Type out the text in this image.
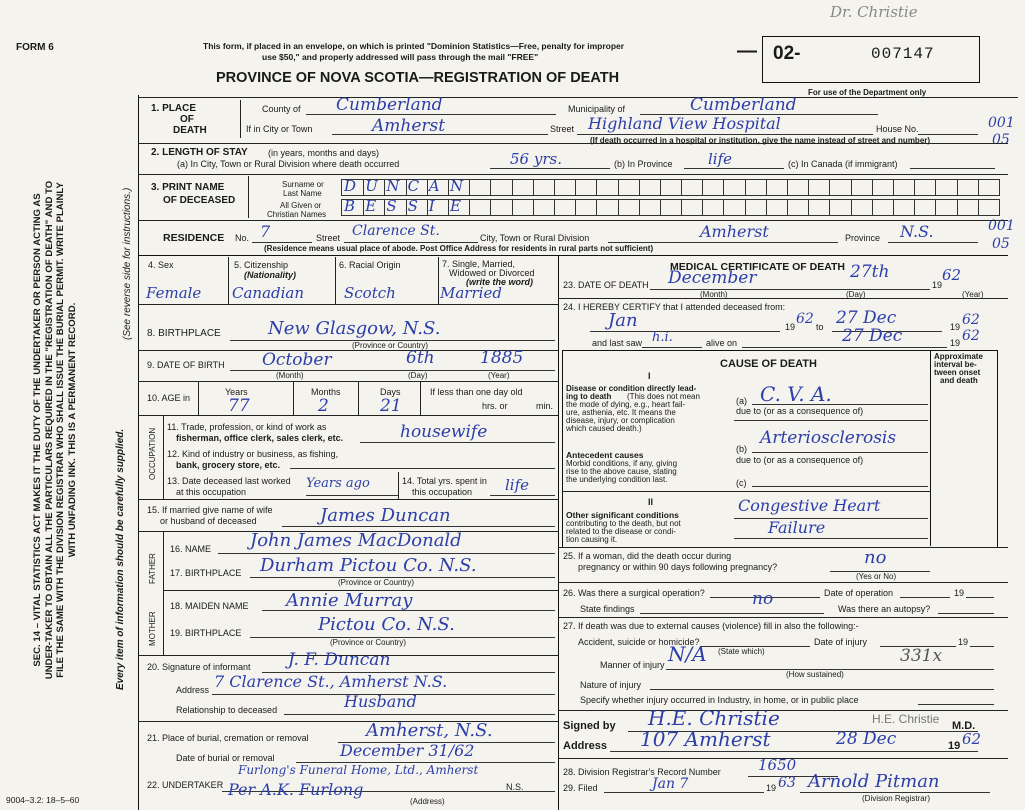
FORM 6	This form, if placed in an envelope, on which is printed "Dominion Statistics—Free, penalty for improper
use $50," and properly addressed will pass through the mail "FREE"
PROVINCE OF NOVA SCOTIA—REGISTRATION OF DEATH
— 02-	007147
Dr. Christie
For use of the Department only
001
05
001
05
SEC. 14 – VITAL STATISTICS ACT MAKES IT THE DUTY OF THE UNDERTAKER OR PERSON ACTING AS UNDER-TAKER TO OBTAIN ALL THE PARTICULARS REQUIRED IN THE "REGISTRATION OF DEATH" AND TO FILE THE SAME WITH THE DIVISION REGISTRAR WHO SHALL ISSUE THE BURIAL PERMIT. WRITE PLAINLY WITH UNFADING INK. THIS IS A PERMANENT RECORD.
(See reverse side for instructions.)
Every item of information should be carefully supplied.
9004–3.2: 18–5–60
1. PLACE
OF
DEATH
County of Cumberland	Municipality of	Cumberland
If in City or Town	Amherst	Street Highland View Hospital	House No.
(If death occurred in a hospital or institution, give the name instead of street and number)
2. LENGTH OF STAY (in years, months and days)
(a) In City, Town or Rural Division where death occurred	56 yrs.	(b) In Province life	(c) In Canada (if immigrant)
3. PRINT NAME
OF DECEASED
Surname or
Last Name
All Given or
Christian Names
D U N C A N
B E S S I E
RESIDENCE No. 7	Street Clarence St.	City, Town or Rural Division	Amherst	Province N.S.
(Residence means usual place of abode. Post Office Address for residents in rural parts not sufficient)
4. Sex
Female
5. Citizenship
(Nationality)
Canadian
6. Racial Origin
Scotch
7. Single, Married,
Widowed or Divorced
(write the word)
Married
8. BIRTHPLACE	New Glasgow, N.S.
(Province or Country)
9. DATE OF BIRTH October	6th	1885
(Month)	(Day)	(Year)
10. AGE in
Years	Months	Days
77	2	21
If less than one day old
hrs. or	min.
OCCUPATION
11. Trade, profession, or kind of work as
fisherman, office clerk, sales clerk, etc.	housewife
12. Kind of industry or business, as fishing,
bank, grocery store, etc.
13. Date deceased last worked
at this occupation
Years ago	14. Total yrs. spent in
this occupation life
15. If married give name of wife
or husband of deceased	James Duncan
FATHER
MOTHER
16. NAME John James MacDonald
17. BIRTHPLACE Durham Pictou Co. N.S.
(Province or Country)
18. MAIDEN NAME Annie Murray
19. BIRTHPLACE	Pictou Co. N.S.
(Province or Country)
20. Signature of informant J. F. Duncan
Address 7 Clarence St., Amherst N.S.
Relationship to deceased	Husband
21. Place of burial, cremation or removal	Amherst, N.S.
Date of burial or removal	December 31/62
Furlong's Funeral Home, Ltd., Amherst
22. UNDERTAKER Per A.K. Furlong	N.S.
(Address)
MEDICAL CERTIFICATE OF DEATH
23. DATE OF DEATH December	27th
19
62
(Month)	(Day)	(Year)
24. I HEREBY CERTIFY that I attended deceased from:
Jan	19 62 to 27 Dec	19 62
and last saw h.i.	alive on	27 Dec	19 62
CAUSE OF DEATH
Approximate
interval be-
tween onset
and death
I
Disease or condition directly lead-
ing to death (This does not mean
the mode of dying, e.g., heart fail-
ure, asthenia, etc. It means the
disease, injury, or complication
which caused death.)
(a) C. V. A.
due to (or as a consequence of)
Antecedent causes
Morbid conditions, if any, giving
rise to the above cause, stating
the underlying condition last.
(b)
Arteriosclerosis
due to (or as a consequence of)
(c)
II
Other significant conditions
contributing to the death, but not
related to the disease or condi-
tion causing it.
Congestive Heart
Failure
25. If a woman, did the death occur during
pregnancy or within 90 days following pregnancy?	no
(Yes or No)
26. Was there a surgical operation?	no	Date of operation	19
State findings	Was there an autopsy?
27. If death was due to external causes (violence) fill in also the following:-
Accident, suicide or homicide?	Date of injury	19
(State which)
Manner of injury N/A	331x
(How sustained)
Nature of injury
Specify whether injury occurred in Industry, in home, or in public place
Signed by H.E. Christie	H.E. Christie M.D.
Address 107 Amherst	28 Dec	19 62
28. Division Registrar's Record Number 1650
29. Filed	Jan 7	19 63 Arnold Pitman
(Division Registrar)
